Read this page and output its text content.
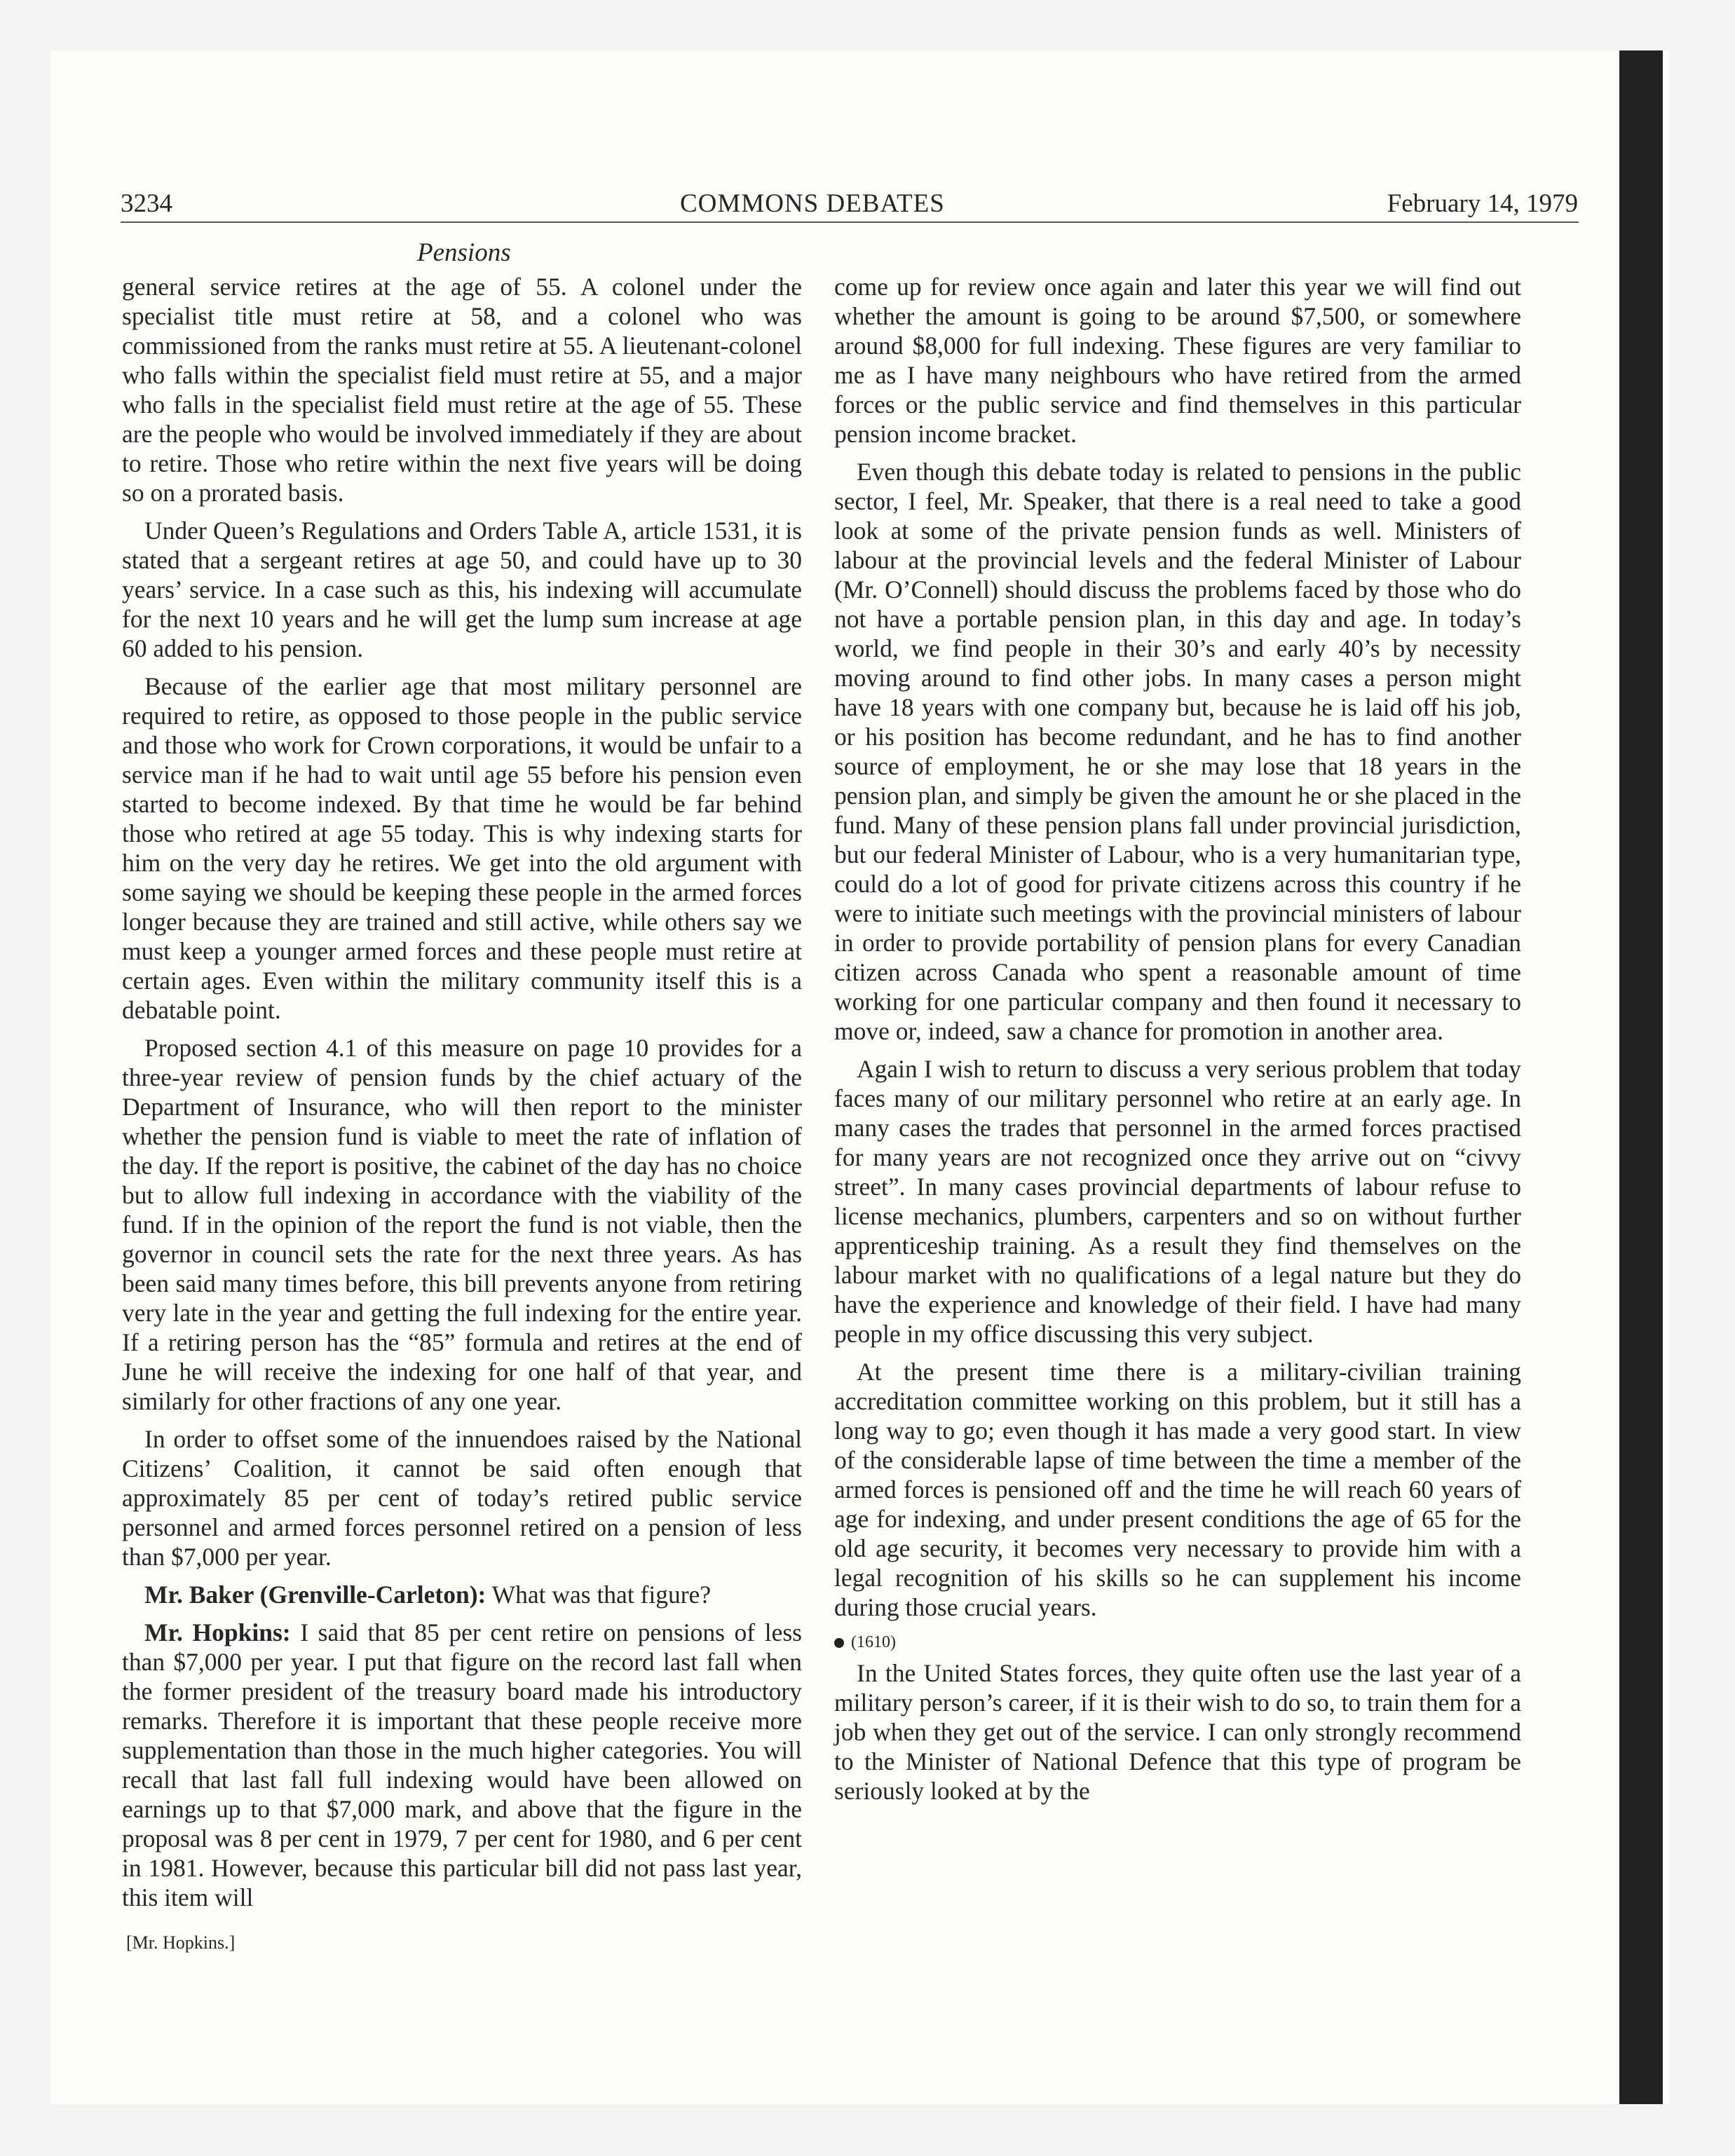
3234	COMMONS DEBATES	February 14, 1979
Pensions

general service retires at the age of 55. A colonel under the specialist title must retire at 58, and a colonel who was commissioned from the ranks must retire at 55. A lieutenant-colonel who falls within the specialist field must retire at 55, and a major who falls in the specialist field must retire at the age of 55. These are the people who would be involved immediately if they are about to retire. Those who retire within the next five years will be doing so on a prorated basis.

Under Queen’s Regulations and Orders Table A, article 1531, it is stated that a sergeant retires at age 50, and could have up to 30 years’ service. In a case such as this, his indexing will accumulate for the next 10 years and he will get the lump sum increase at age 60 added to his pension.

Because of the earlier age that most military personnel are required to retire, as opposed to those people in the public service and those who work for Crown corporations, it would be unfair to a service man if he had to wait until age 55 before his pension even started to become indexed. By that time he would be far behind those who retired at age 55 today. This is why indexing starts for him on the very day he retires. We get into the old argument with some saying we should be keeping these people in the armed forces longer because they are trained and still active, while others say we must keep a younger armed forces and these people must retire at certain ages. Even within the military community itself this is a debatable point.

Proposed section 4.1 of this measure on page 10 provides for a three-year review of pension funds by the chief actuary of the Department of Insurance, who will then report to the minister whether the pension fund is viable to meet the rate of inflation of the day. If the report is positive, the cabinet of the day has no choice but to allow full indexing in accordance with the viability of the fund. If in the opinion of the report the fund is not viable, then the governor in council sets the rate for the next three years. As has been said many times before, this bill prevents anyone from retiring very late in the year and getting the full indexing for the entire year. If a retiring person has the “85” formula and retires at the end of June he will receive the indexing for one half of that year, and similarly for other fractions of any one year.

In order to offset some of the innuendoes raised by the National Citizens’ Coalition, it cannot be said often enough that approximately 85 per cent of today’s retired public service personnel and armed forces personnel retired on a pension of less than $7,000 per year.

Mr. Baker (Grenville-Carleton): What was that figure?

Mr. Hopkins: I said that 85 per cent retire on pensions of less than $7,000 per year. I put that figure on the record last fall when the former president of the treasury board made his introductory remarks. Therefore it is important that these people receive more supplementation than those in the much higher categories. You will recall that last fall full indexing would have been allowed on earnings up to that $7,000 mark, and above that the figure in the proposal was 8 per cent in 1979, 7 per cent for 1980, and 6 per cent in 1981. However, because this particular bill did not pass last year, this item will

come up for review once again and later this year we will find out whether the amount is going to be around $7,500, or somewhere around $8,000 for full indexing. These figures are very familiar to me as I have many neighbours who have retired from the armed forces or the public service and find themselves in this particular pension income bracket.

Even though this debate today is related to pensions in the public sector, I feel, Mr. Speaker, that there is a real need to take a good look at some of the private pension funds as well. Ministers of labour at the provincial levels and the federal Minister of Labour (Mr. O’Connell) should discuss the problems faced by those who do not have a portable pension plan, in this day and age. In today’s world, we find people in their 30’s and early 40’s by necessity moving around to find other jobs. In many cases a person might have 18 years with one company but, because he is laid off his job, or his position has become redundant, and he has to find another source of employment, he or she may lose that 18 years in the pension plan, and simply be given the amount he or she placed in the fund. Many of these pension plans fall under provincial jurisdiction, but our federal Minister of Labour, who is a very humanitarian type, could do a lot of good for private citizens across this country if he were to initiate such meetings with the provincial ministers of labour in order to provide portability of pension plans for every Canadian citizen across Canada who spent a reasonable amount of time working for one particular company and then found it necessary to move or, indeed, saw a chance for promotion in another area.

Again I wish to return to discuss a very serious problem that today faces many of our military personnel who retire at an early age. In many cases the trades that personnel in the armed forces practised for many years are not recognized once they arrive out on “civvy street”. In many cases provincial departments of labour refuse to license mechanics, plumbers, carpenters and so on without further apprenticeship training. As a result they find themselves on the labour market with no qualifications of a legal nature but they do have the experience and knowledge of their field. I have had many people in my office discussing this very subject.

At the present time there is a military-civilian training accreditation committee working on this problem, but it still has a long way to go; even though it has made a very good start. In view of the considerable lapse of time between the time a member of the armed forces is pensioned off and the time he will reach 60 years of age for indexing, and under present conditions the age of 65 for the old age security, it becomes very necessary to provide him with a legal recognition of his skills so he can supplement his income during those crucial years.

(1610)

In the United States forces, they quite often use the last year of a military person’s career, if it is their wish to do so, to train them for a job when they get out of the service. I can only strongly recommend to the Minister of National Defence that this type of program be seriously looked at by the

[Mr. Hopkins.]
